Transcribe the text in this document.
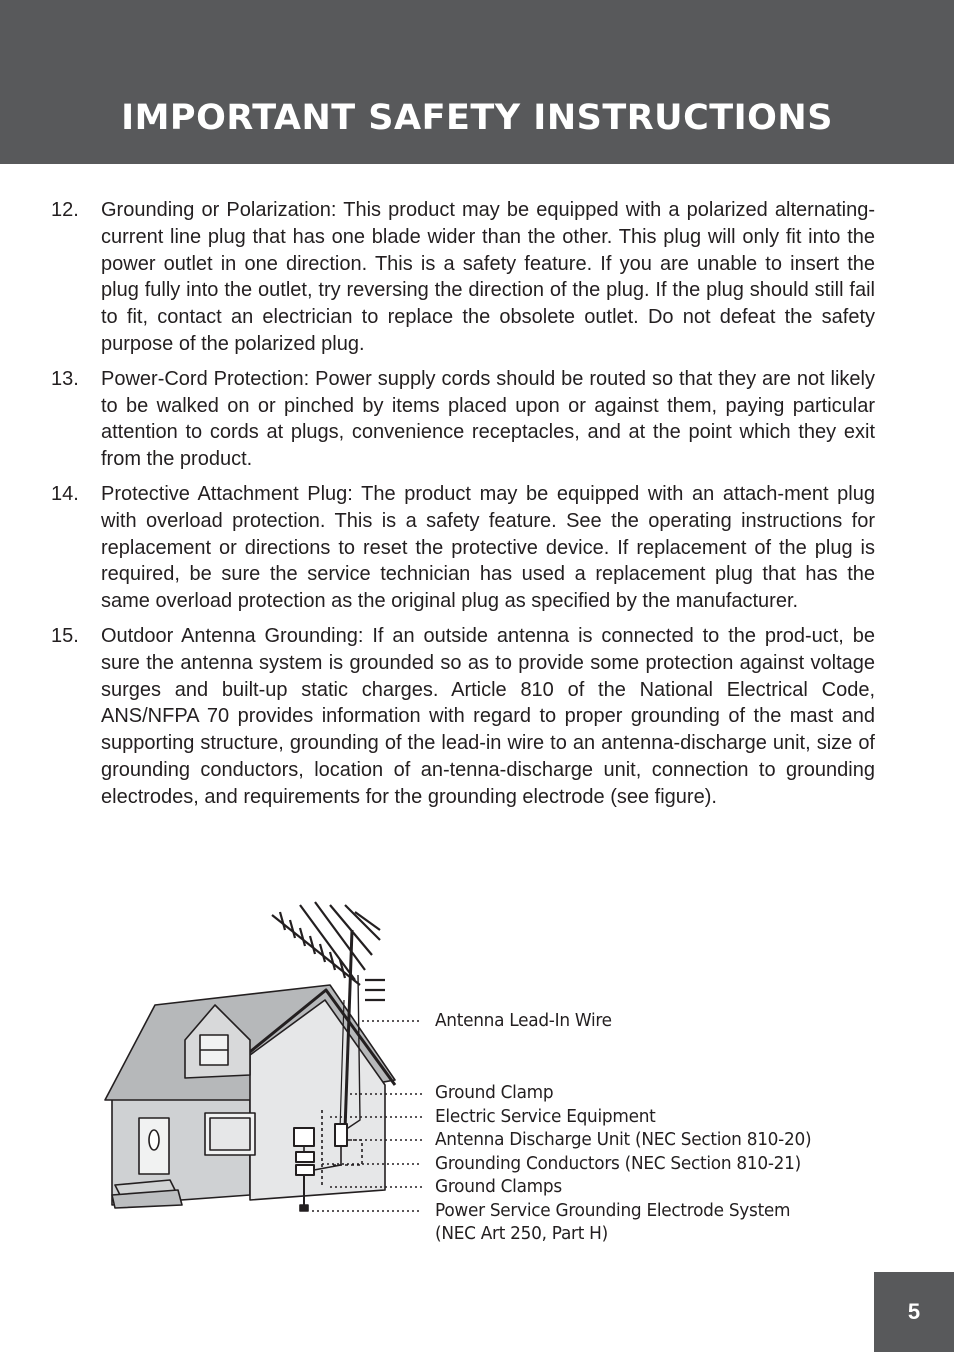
IMPORTANT SAFETY INSTRUCTIONS
12. Grounding or Polarization: This product may be equipped with a polarized alternating-current line plug that has one blade wider than the other. This plug will only fit into the power outlet in one direction. This is a safety feature. If you are unable to insert the plug fully into the outlet, try reversing the direction of the plug. If the plug should still fail to fit, contact an electrician to replace the obsolete outlet. Do not defeat the safety purpose of the polarized plug.
13. Power-Cord Protection: Power supply cords should be routed so that they are not likely to be walked on or pinched by items placed upon or against them, paying particular attention to cords at plugs, convenience receptacles, and at the point which they exit from the product.
14. Protective Attachment Plug: The product may be equipped with an attach-ment plug with overload protection. This is a safety feature. See the operating instructions for replacement or directions to reset the protective device. If replacement of the plug is required, be sure the service technician has used a replacement plug that has the same overload protection as the original plug as specified by the manufacturer.
15. Outdoor Antenna Grounding: If an outside antenna is connected to the prod-uct, be sure the antenna system is grounded so as to provide some protection against voltage surges and built-up static charges. Article 810 of the National Electrical Code, ANS/NFPA 70 provides information with regard to proper grounding of the mast and supporting structure, grounding of the lead-in wire to an antenna-discharge unit, size of grounding conductors, location of an-tenna-discharge unit, connection to grounding electrodes, and requirements for the grounding electrode (see figure).
Antenna Lead-In Wire
Ground Clamp
Electric Service Equipment
Antenna Discharge Unit (NEC Section 810-20)
Grounding Conductors (NEC Section 810-21)
Ground Clamps
Power Service Grounding Electrode System
(NEC Art 250, Part H)
5
